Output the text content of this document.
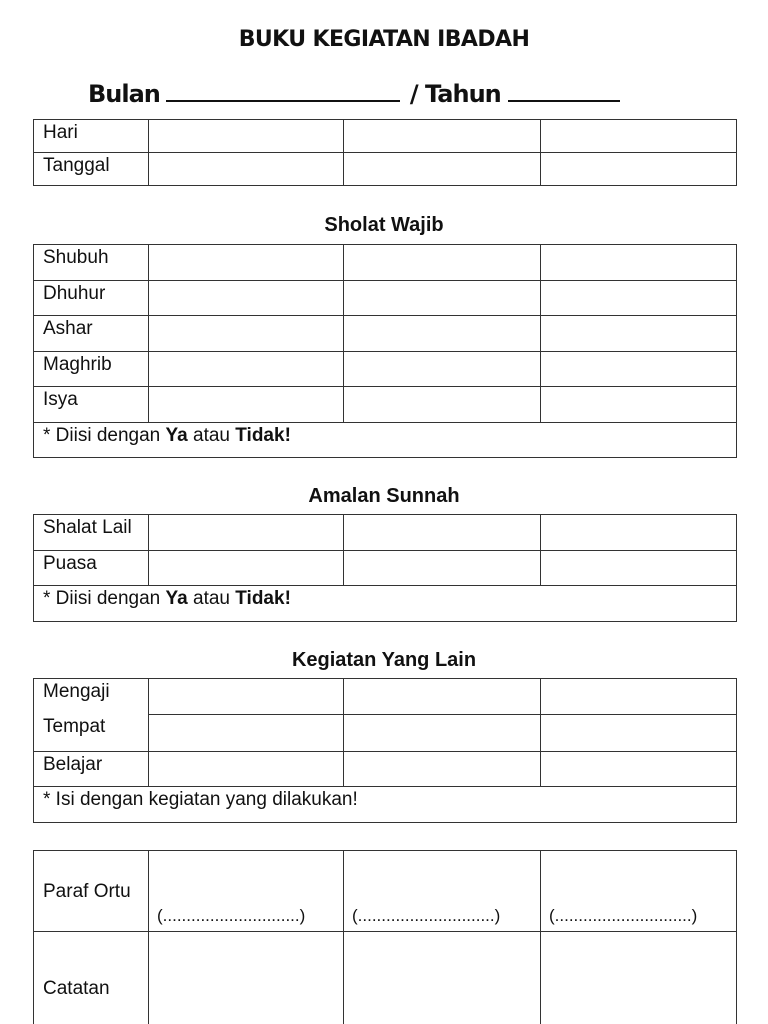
BUKU KEGIATAN IBADAH
Bulan	/ Tahun
Hari			
Tanggal			
Sholat Wajib
Shubuh			
Dhuhur			
Ashar			
Maghrib			
Isya			
* Diisi dengan Ya atau Tidak!			
Amalan Sunnah
Shalat Lail			
Puasa			
* Diisi dengan Ya atau Tidak!			
Kegiatan Yang Lain
Mengaji
Tempat			

Belajar			
* Isi dengan kegiatan yang dilakukan!			
Paraf Ortu	(.............................)	(.............................)	(.............................)
Catatan			
